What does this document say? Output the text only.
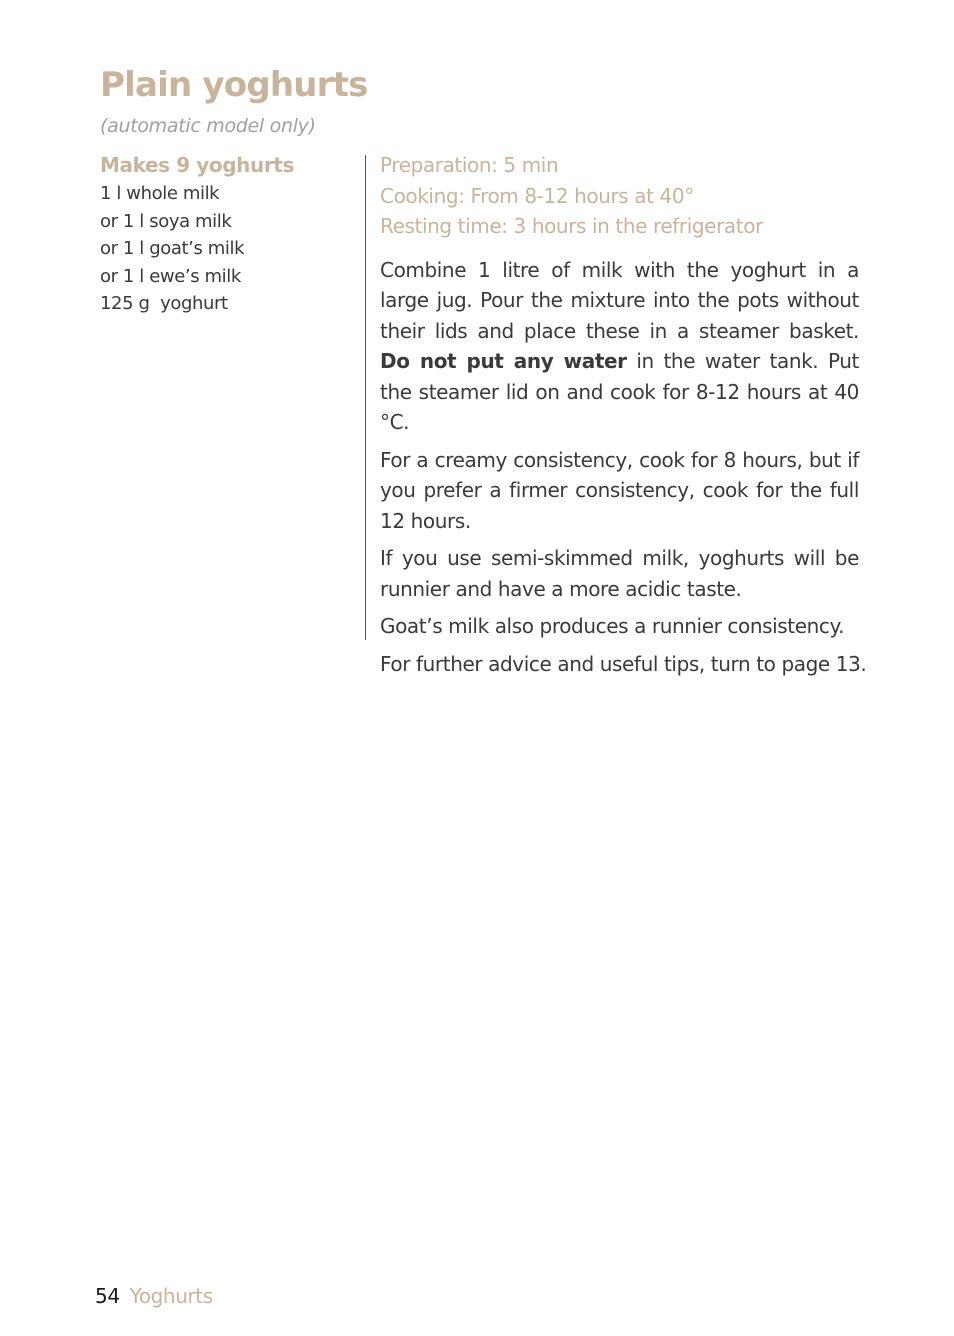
Plain yoghurts
(automatic model only)
Makes 9 yoghurts
1 l whole milk
or 1 l soya milk
or 1 l goat’s milk
or 1 l ewe’s milk
125 g  yoghurt
Preparation: 5 min
Cooking: From 8-12 hours at 40°
Resting time: 3 hours in the refrigerator

Combine 1 litre of milk with the yoghurt in a large jug. Pour the mixture into the pots without their lids and place these in a steamer basket. Do not put any water in the water tank. Put the steamer lid on and cook for 8-12 hours at 40 °C.

For a creamy consistency, cook for 8 hours, but if you prefer a firmer consistency, cook for the full 12 hours.

If you use semi-skimmed milk, yoghurts will be runnier and have a more acidic taste.

Goat’s milk also produces a runnier consistency.

For further advice and useful tips, turn to page 13.

54 Yoghurts
